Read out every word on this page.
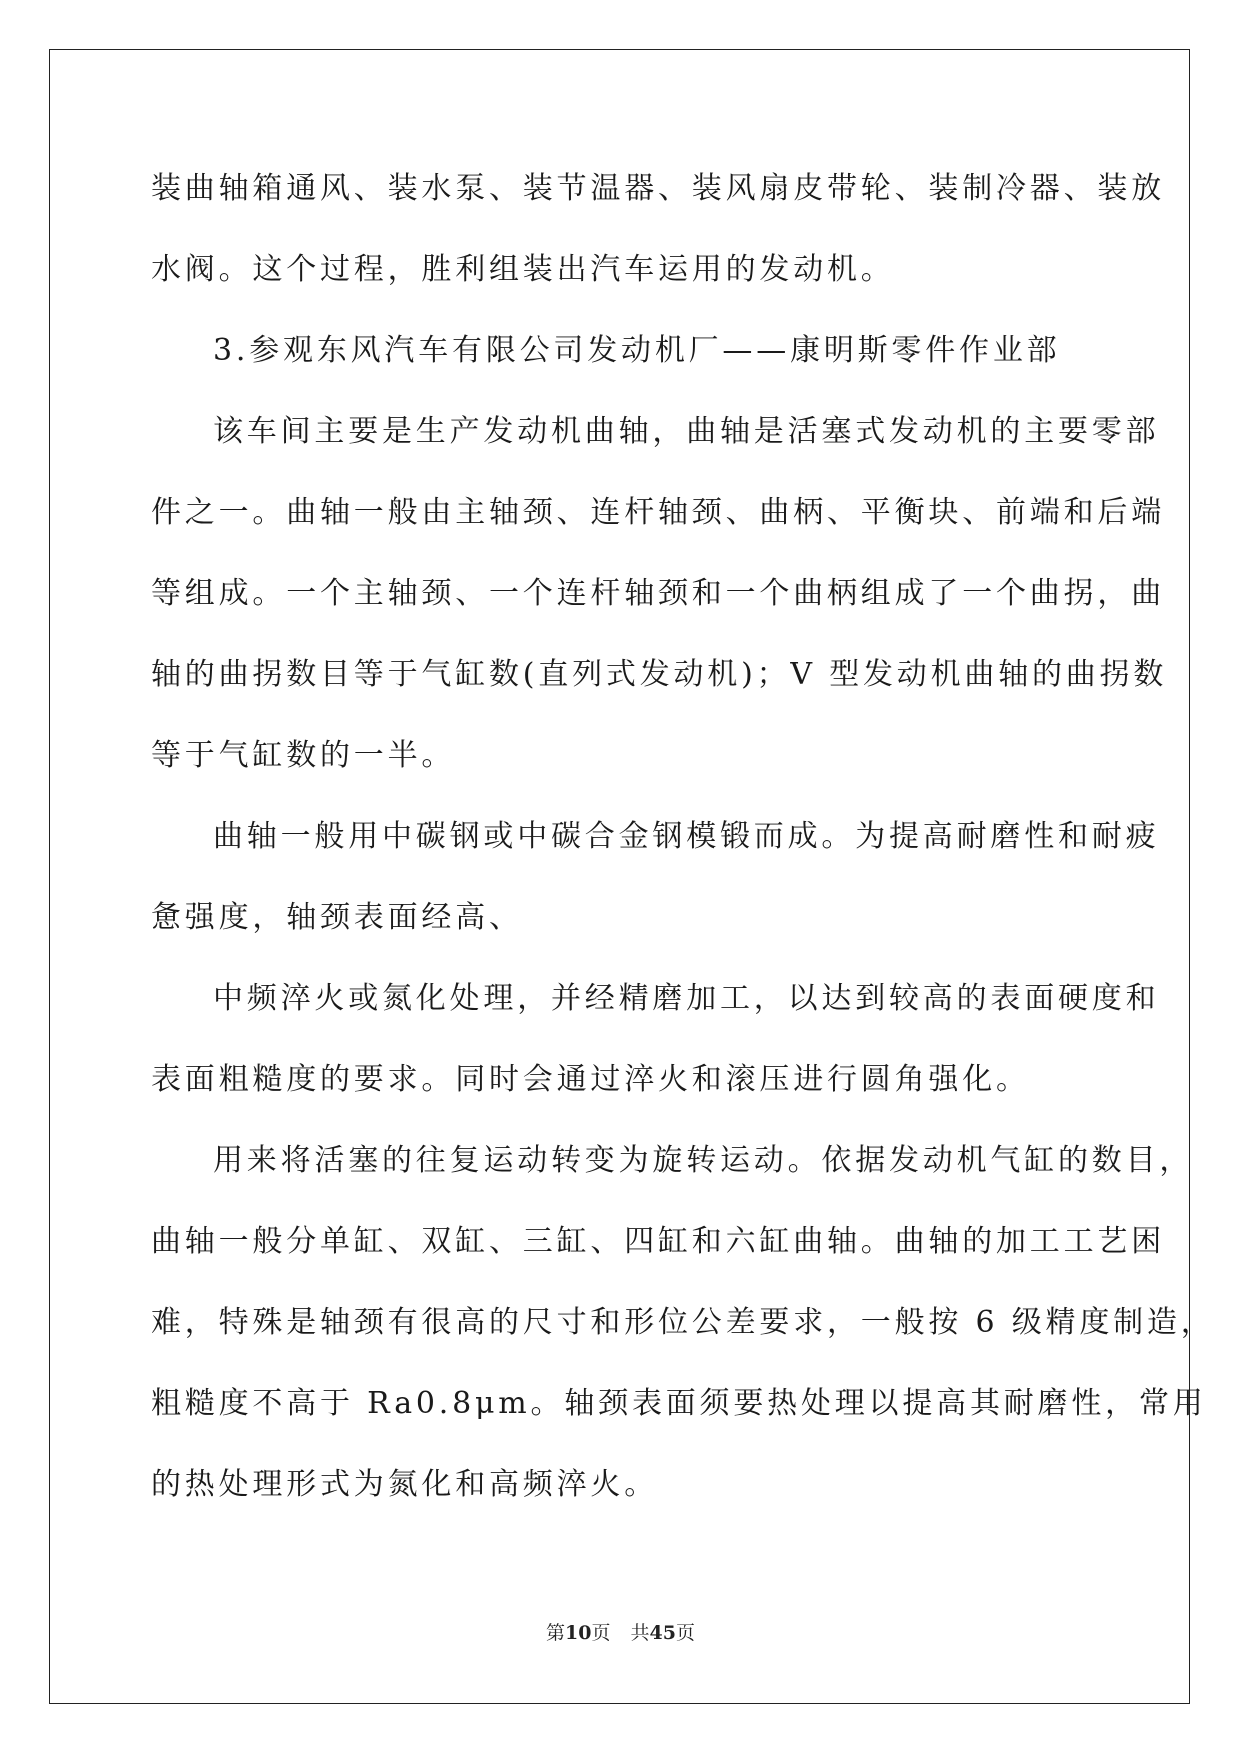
装曲轴箱通风、装水泵、装节温器、装风扇皮带轮、装制冷器、装放
水阀。这个过程，胜利组装出汽车运用的发动机。
3.参观东风汽车有限公司发动机厂——康明斯零件作业部
该车间主要是生产发动机曲轴，曲轴是活塞式发动机的主要零部
件之一。曲轴一般由主轴颈、连杆轴颈、曲柄、平衡块、前端和后端
等组成。一个主轴颈、一个连杆轴颈和一个曲柄组成了一个曲拐，曲
轴的曲拐数目等于气缸数(直列式发动机)；V 型发动机曲轴的曲拐数
等于气缸数的一半。
曲轴一般用中碳钢或中碳合金钢模锻而成。为提高耐磨性和耐疲
惫强度，轴颈表面经高、
中频淬火或氮化处理，并经精磨加工，以达到较高的表面硬度和
表面粗糙度的要求。同时会通过淬火和滚压进行圆角强化。
用来将活塞的往复运动转变为旋转运动。依据发动机气缸的数目，
曲轴一般分单缸、双缸、三缸、四缸和六缸曲轴。曲轴的加工工艺困
难，特殊是轴颈有很高的尺寸和形位公差要求，一般按 6 级精度制造，
粗糙度不高于 Ra0.8μm。轴颈表面须要热处理以提高其耐磨性，常用
的热处理形式为氮化和高频淬火。
第10页 共45页
